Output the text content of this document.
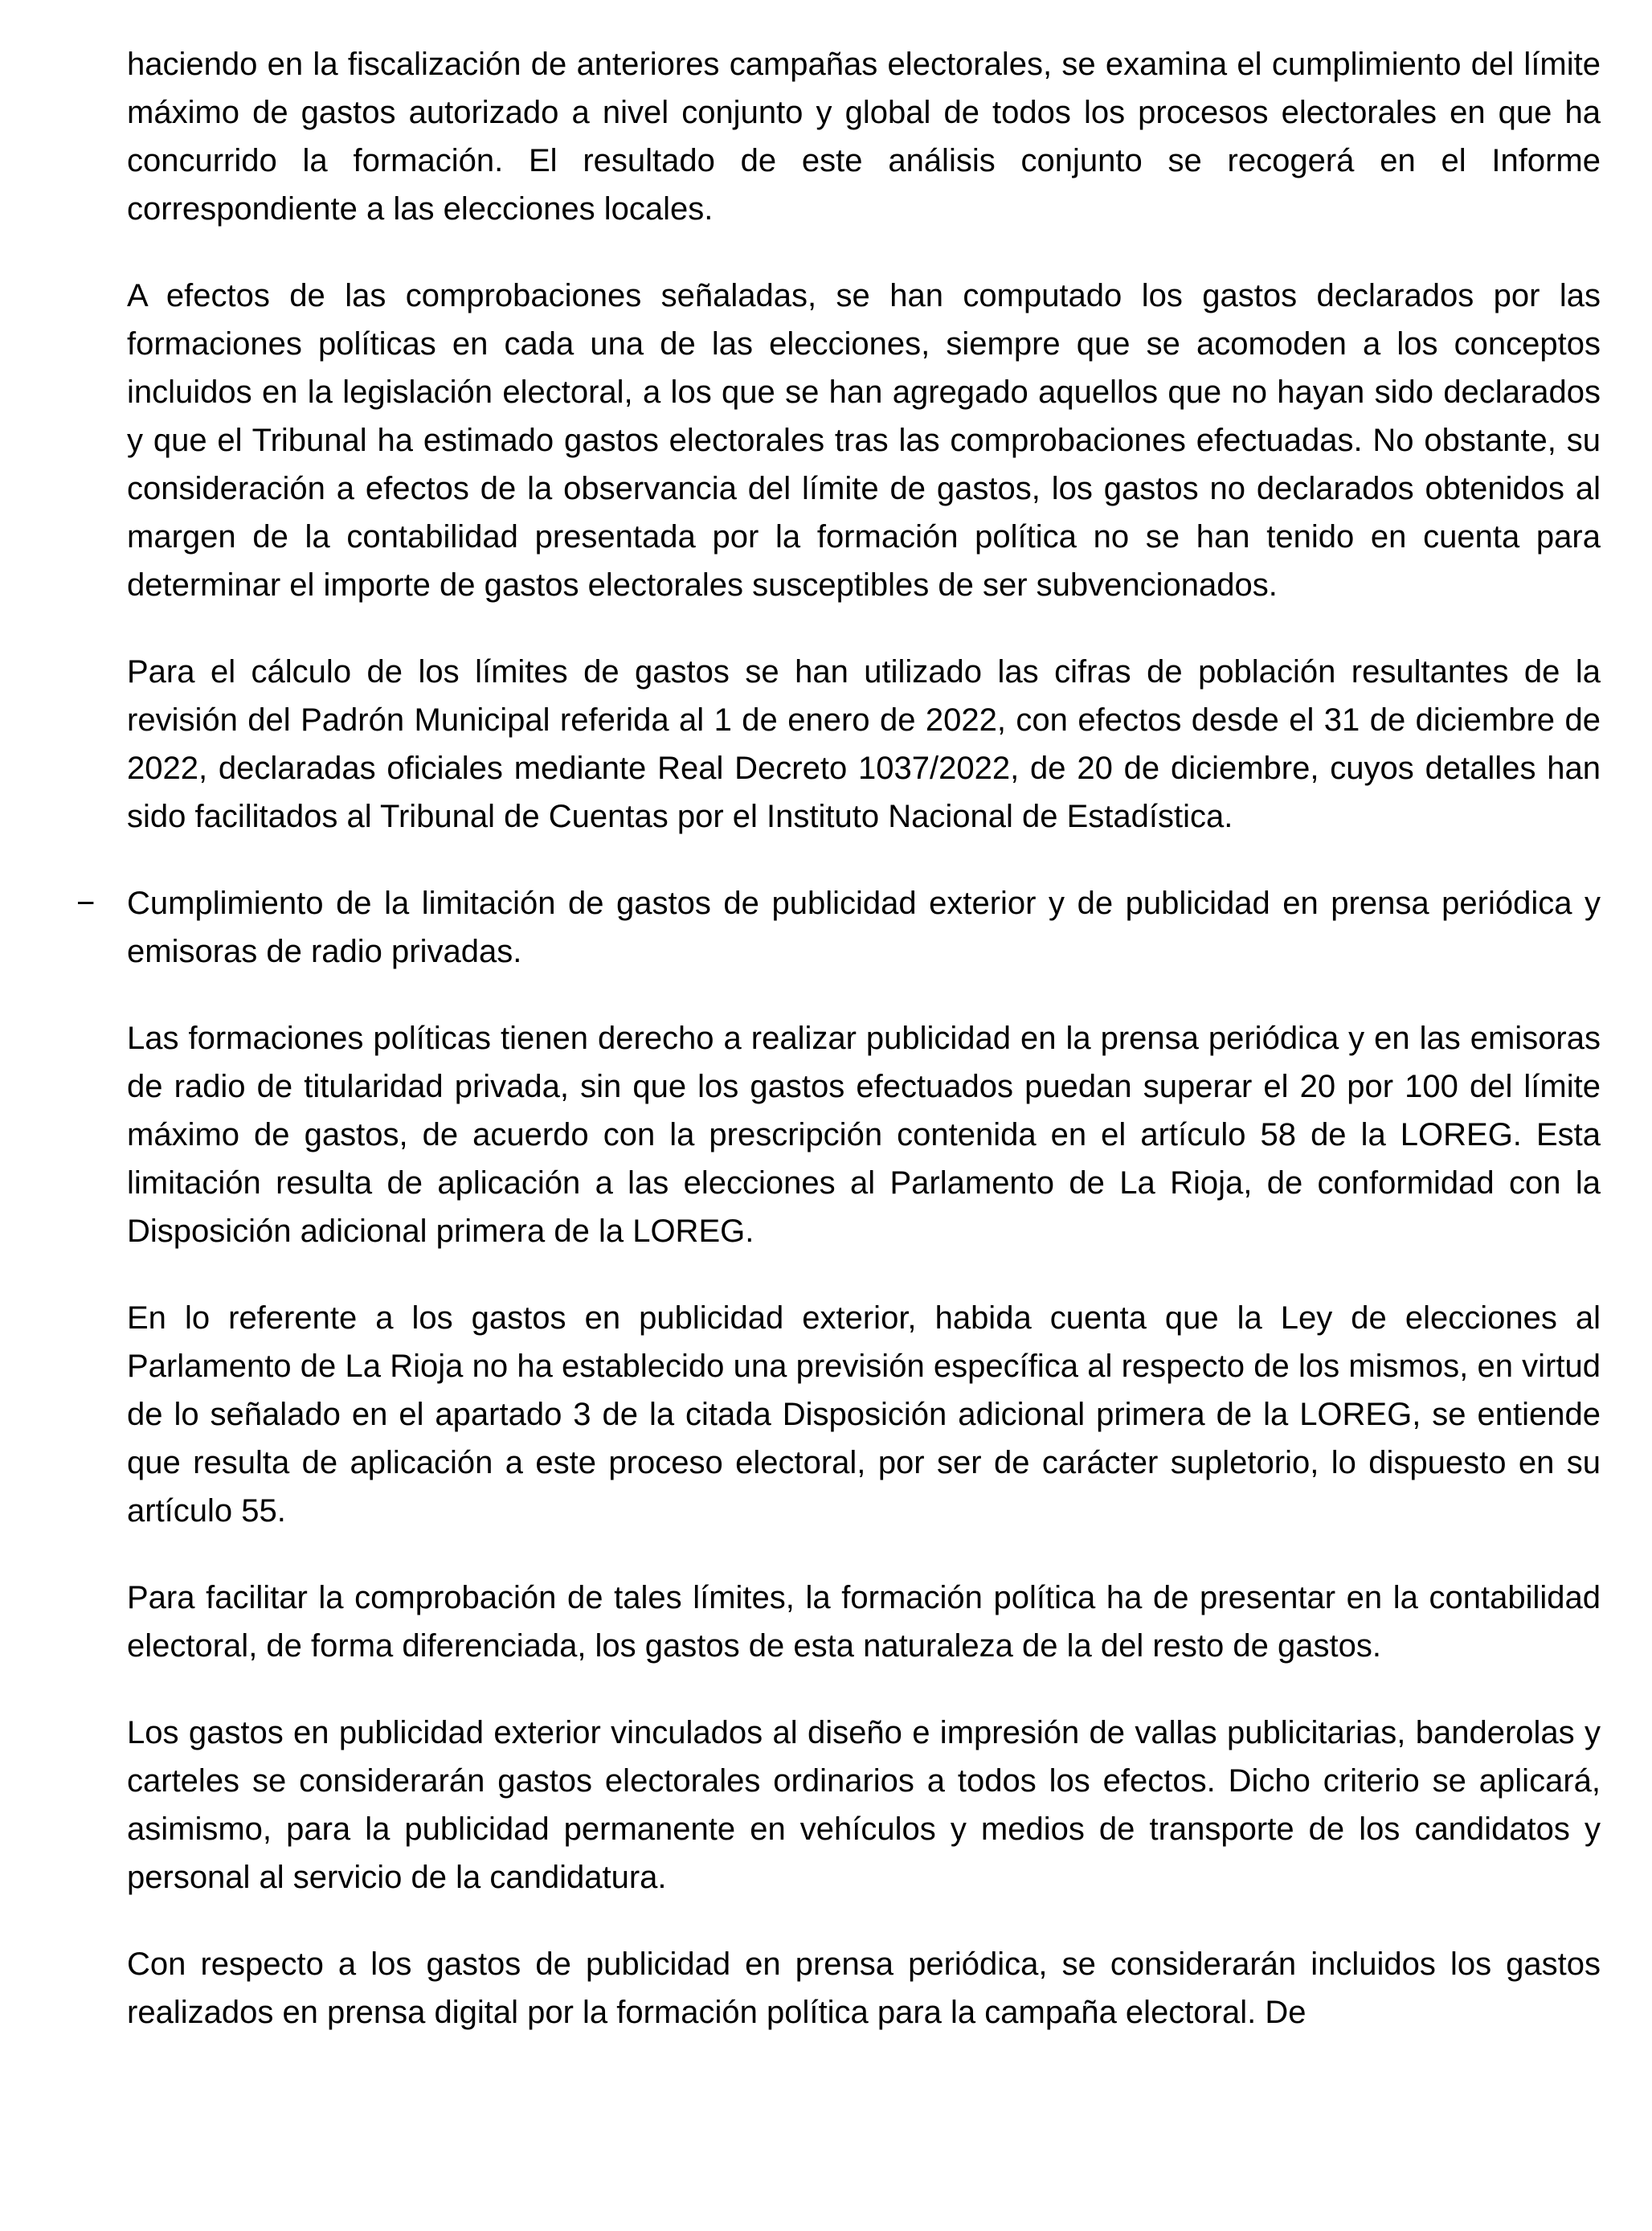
haciendo en la fiscalización de anteriores campañas electorales, se examina el cumplimiento del límite máximo de gastos autorizado a nivel conjunto y global de todos los procesos electorales en que ha concurrido la formación. El resultado de este análisis conjunto se recogerá en el Informe correspondiente a las elecciones locales.

A efectos de las comprobaciones señaladas, se han computado los gastos declarados por las formaciones políticas en cada una de las elecciones, siempre que se acomoden a los conceptos incluidos en la legislación electoral, a los que se han agregado aquellos que no hayan sido declarados y que el Tribunal ha estimado gastos electorales tras las comprobaciones efectuadas. No obstante, su consideración a efectos de la observancia del límite de gastos, los gastos no declarados obtenidos al margen de la contabilidad presentada por la formación política no se han tenido en cuenta para determinar el importe de gastos electorales susceptibles de ser subvencionados.

Para el cálculo de los límites de gastos se han utilizado las cifras de población resultantes de la revisión del Padrón Municipal referida al 1 de enero de 2022, con efectos desde el 31 de diciembre de 2022, declaradas oficiales mediante Real Decreto 1037/2022, de 20 de diciembre, cuyos detalles han sido facilitados al Tribunal de Cuentas por el Instituto Nacional de Estadística.

− Cumplimiento de la limitación de gastos de publicidad exterior y de publicidad en prensa periódica y emisoras de radio privadas.

Las formaciones políticas tienen derecho a realizar publicidad en la prensa periódica y en las emisoras de radio de titularidad privada, sin que los gastos efectuados puedan superar el 20 por 100 del límite máximo de gastos, de acuerdo con la prescripción contenida en el artículo 58 de la LOREG. Esta limitación resulta de aplicación a las elecciones al Parlamento de La Rioja, de conformidad con la Disposición adicional primera de la LOREG.

En lo referente a los gastos en publicidad exterior, habida cuenta que la Ley de elecciones al Parlamento de La Rioja no ha establecido una previsión específica al respecto de los mismos, en virtud de lo señalado en el apartado 3 de la citada Disposición adicional primera de la LOREG, se entiende que resulta de aplicación a este proceso electoral, por ser de carácter supletorio, lo dispuesto en su artículo 55.

Para facilitar la comprobación de tales límites, la formación política ha de presentar en la contabilidad electoral, de forma diferenciada, los gastos de esta naturaleza de la del resto de gastos.

Los gastos en publicidad exterior vinculados al diseño e impresión de vallas publicitarias, banderolas y carteles se considerarán gastos electorales ordinarios a todos los efectos. Dicho criterio se aplicará, asimismo, para la publicidad permanente en vehículos y medios de transporte de los candidatos y personal al servicio de la candidatura.

Con respecto a los gastos de publicidad en prensa periódica, se considerarán incluidos los gastos realizados en prensa digital por la formación política para la campaña electoral. De
